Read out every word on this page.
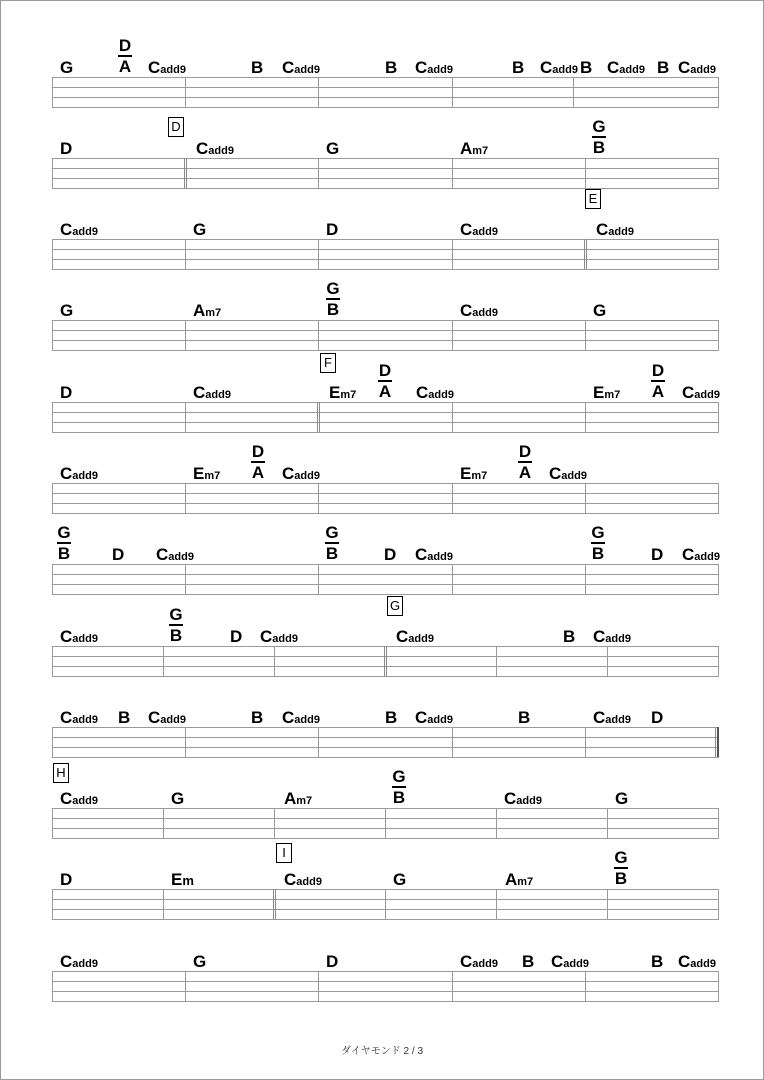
G
D
A Cadd9	B Cadd9	B Cadd9	B Cadd9 B Cadd9 B Cadd9
D	Cadd9	G	Am7
G
B
D
Cadd9	G	D	Cadd9	Cadd9
E
G	Am7
G
B	Cadd9	G
D	Cadd9	Em7
D
A Cadd9	Em7
D
A Cadd9
F
Cadd9	Em7
D
A Cadd9	Em7
D
A Cadd9
G
B D Cadd9
G
B	D Cadd9
G
B	D Cadd9
Cadd9
G
B	D Cadd9	Cadd9	B Cadd9
G
Cadd9 B Cadd9	B Cadd9	B Cadd9	B	Cadd9 D
Cadd9	G	Am7
G
B	Cadd9	G
H
D	Em	Cadd9	G	Am7
G
B
I
Cadd9	G	D	Cadd9 B Cadd9	B Cadd9
ダイヤモンド 2 / 3
